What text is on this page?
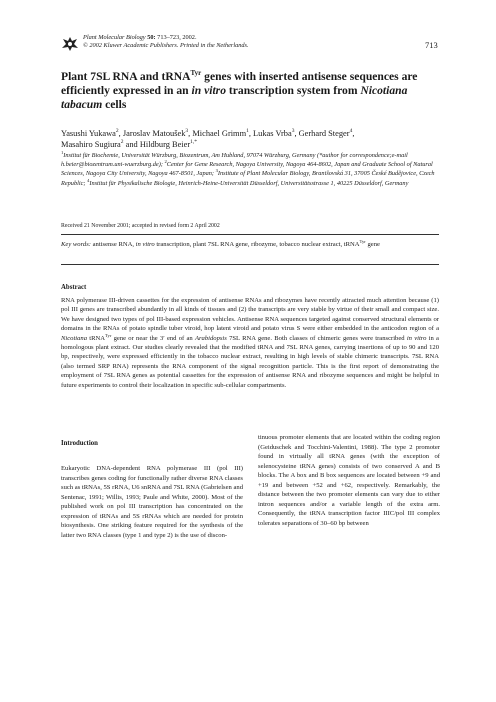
Plant Molecular Biology 50: 713–723, 2002.
© 2002 Kluwer Academic Publishers. Printed in the Netherlands.	713
Plant 7SL RNA and tRNA$^{Tyr}$ genes with inserted antisense sequences are efficiently expressed in an in vitro transcription system from Nicotiana tabacum cells
Yasushi Yukawa$^2$, Jaroslav Matoušek$^3$, Michael Grimm$^1$, Lukas Vrba$^3$, Gerhard Steger$^4$,
Masahiro Sugiura$^2$ and Hildburg Beier$^{1,*}$
$^1$Institut für Biochemie, Universität Würzburg, Biozentrum, Am Hubland, 97074 Würzburg, Germany (*author for correspondence;e-mail h.beier@biozentrum.uni-wuerzburg.de); $^2$Center for Gene Research, Nagoya University, Nagoya 464-8602, Japan and Graduate School of Natural Sciences, Nagoya City University, Nagoya 467-8501, Japan; $^3$Institute of Plant Molecular Biology, Branišovská 31, 37005 České Budějovice, Czech Republic; $^4$Institut für Physikalische Biologie, Heinrich-Heine-Universität Düsseldorf, Universitätsstrasse 1, 40225 Düsseldorf, Germany
Received 21 November 2001; accepted in revised form 2 April 2002
Key words: antisense RNA, in vitro transcription, plant 7SL RNA gene, ribozyme, tobacco nuclear extract, tRNA$^{Tyr}$ gene
Abstract
RNA polymerase III-driven cassettes for the expression of antisense RNAs and ribozymes have recently attracted much attention because (1) pol III genes are transcribed abundantly in all kinds of tissues and (2) the transcripts are very stable by virtue of their small and compact size. We have designed two types of pol III-based expression vehicles. Antisense RNA sequences targeted against conserved structural elements or domains in the RNAs of potato spindle tuber viroid, hop latent viroid and potato virus S were either embedded in the anticodon region of a Nicotiana tRNA$^{Tyr}$ gene or near the 3′ end of an Arabidopsis 7SL RNA gene. Both classes of chimeric genes were transcribed in vitro in a homologous plant extract. Our studies clearly revealed that the modified tRNA and 7SL RNA genes, carrying insertions of up to 90 and 120 bp, respectively, were expressed efficiently in the tobacco nuclear extract, resulting in high levels of stable chimeric transcripts. 7SL RNA (also termed SRP RNA) represents the RNA component of the signal recognition particle. This is the first report of demonstrating the employment of 7SL RNA genes as potential cassettes for the expression of antisense RNA and ribozyme sequences and might be helpful in future experiments to control their localization in specific sub-cellular compartments.
Introduction

Eukaryotic DNA-dependent RNA polymerase III (pol III) transcribes genes coding for functionally rather diverse RNA classes such as tRNAs, 5S rRNA, U6 snRNA and 7SL RNA (Gabrielsen and Sentenac, 1991; Willis, 1993; Paule and White, 2000). Most of the published work on pol III transcription has concentrated on the expression of tRNAs and 5S rRNAs which are needed for protein biosynthesis. One striking feature required for the synthesis of the latter two RNA classes (type 1 and type 2) is the use of discon-

tinuous promoter elements that are located within the coding region (Geiduschek and Tocchini-Valentini, 1988). The type 2 promoter found in virtually all tRNA genes (with the exception of selenocysteine tRNA genes) consists of two conserved A and B blocks. The A box and B box sequences are located between +9 and +19 and between +52 and +62, respectively. Remarkably, the distance between the two promoter elements can vary due to either intron sequences and/or a variable length of the extra arm. Consequently, the tRNA transcription factor IIIC/pol III complex tolerates separations of 30–60 bp between
